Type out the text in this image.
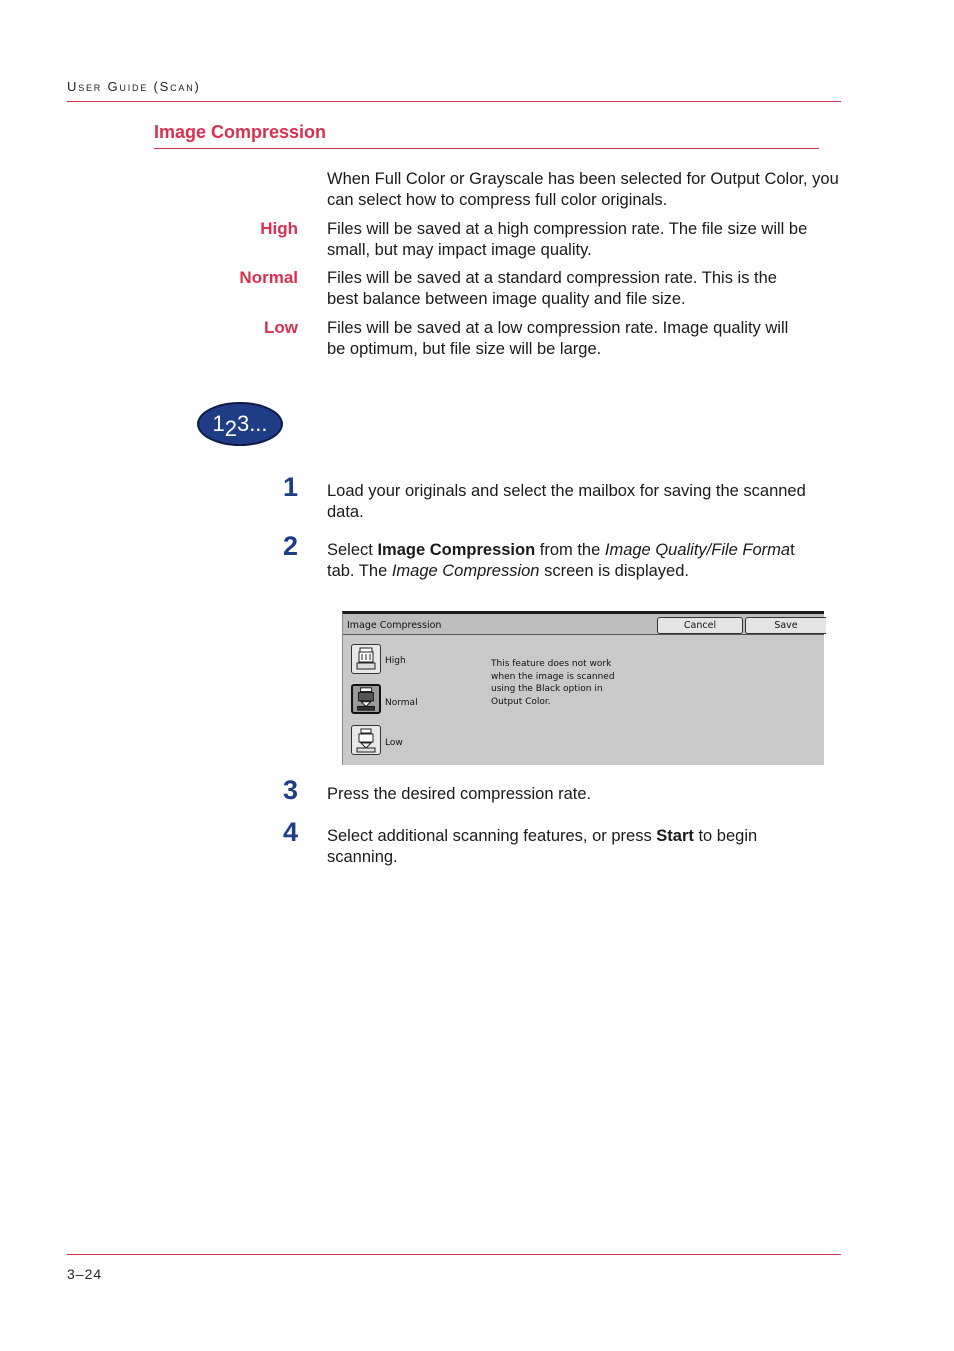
User Guide (Scan)
Image Compression
When Full Color or Grayscale has been selected for Output Color, you can select how to compress full color originals.
High Files will be saved at a high compression rate. The file size will be
small, but may impact image quality.
Normal Files will be saved at a standard compression rate. This is the
best balance between image quality and file size.
Low Files will be saved at a low compression rate. Image quality will
be optimum, but file size will be large.
123...
1 Load your originals and select the mailbox for saving the scanned
data.
2 Select Image Compression from the Image Quality/File Format
tab. The Image Compression screen is displayed.
Image Compression	Cancel	Save
High
Normal
Low
This feature does not work
when the image is scanned
using the Black option in
Output Color.
3 Press the desired compression rate.
4 Select additional scanning features, or press Start to begin
scanning.
3–24
